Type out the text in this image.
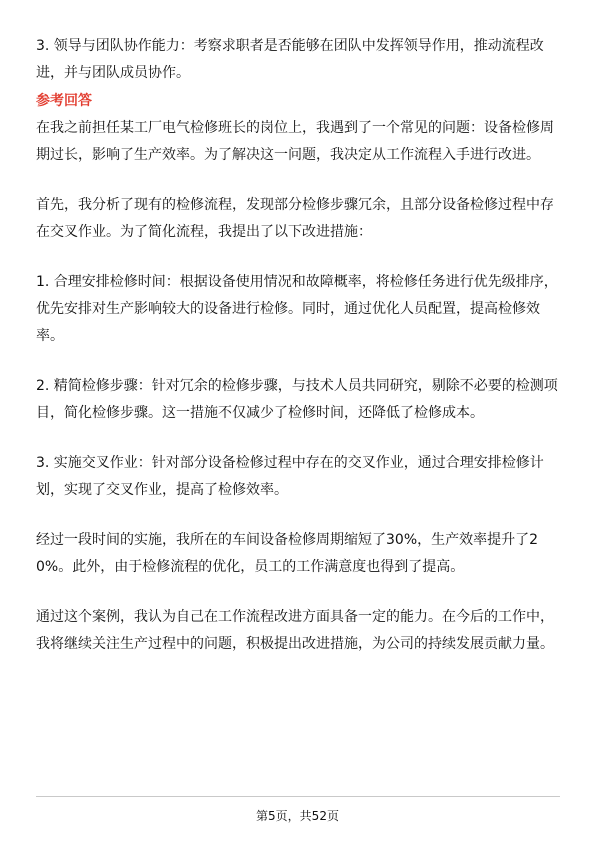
3. 领导与团队协作能力：考察求职者是否能够在团队中发挥领导作用，推动流程改进，并与团队成员协作。

参考回答

在我之前担任某工厂电气检修班长的岗位上，我遇到了一个常见的问题：设备检修周期过长，影响了生产效率。为了解决这一问题，我决定从工作流程入手进行改进。

首先，我分析了现有的检修流程，发现部分检修步骤冗余，且部分设备检修过程中存在交叉作业。为了简化流程，我提出了以下改进措施：

1. 合理安排检修时间：根据设备使用情况和故障概率，将检修任务进行优先级排序，优先安排对生产影响较大的设备进行检修。同时，通过优化人员配置，提高检修效率。

2. 精简检修步骤：针对冗余的检修步骤，与技术人员共同研究，剔除不必要的检测项目，简化检修步骤。这一措施不仅减少了检修时间，还降低了检修成本。

3. 实施交叉作业：针对部分设备检修过程中存在的交叉作业，通过合理安排检修计划，实现了交叉作业，提高了检修效率。

经过一段时间的实施，我所在的车间设备检修周期缩短了30%，生产效率提升了20%。此外，由于检修流程的优化，员工的工作满意度也得到了提高。

通过这个案例，我认为自己在工作流程改进方面具备一定的能力。在今后的工作中，我将继续关注生产过程中的问题，积极提出改进措施，为公司的持续发展贡献力量。

第5页，共52页
